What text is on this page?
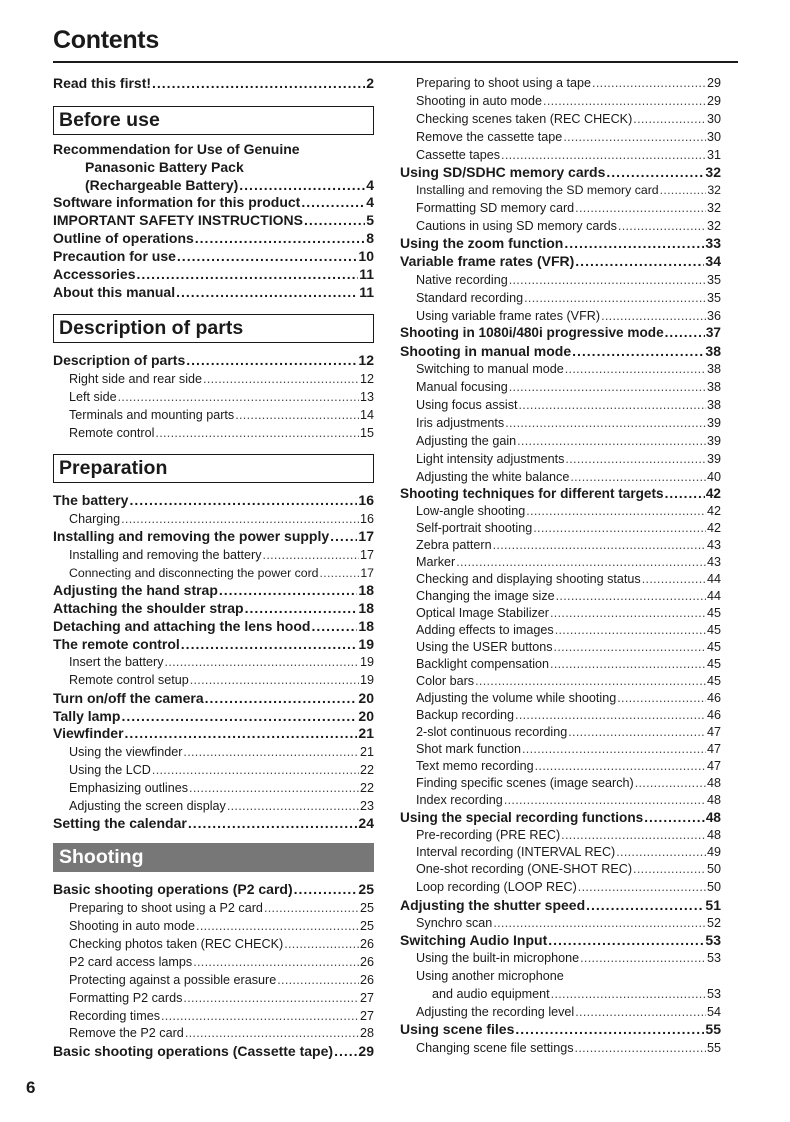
Contents
Read this first! .....	2
Before use
Recommendation for Use of Genuine
Panasonic Battery Pack
(Rechargeable Battery) .....	4
Software information for this product .....	4
IMPORTANT SAFETY INSTRUCTIONS .....	5
Outline of operations .....	8
Precaution for use .....	10
Accessories .....	11
About this manual .....	11
Description of parts
Description of parts .....	12
Right side and rear side .....	12
Left side .....	13
Terminals and mounting parts .....	14
Remote control .....	15
Preparation
The battery .....	16
Charging .....	16
Installing and removing the power supply ..... 17
Installing and removing the battery .....	17
Connecting and disconnecting the power cord .....	17
Adjusting the hand strap .....	18
Attaching the shoulder strap .....	18
Detaching and attaching the lens hood .....	18
The remote control .....	19
Insert the battery .....	19
Remote control setup .....	19
Turn on/off the camera .....	20
Tally lamp .....	20
Viewfinder .....	21
Using the viewfinder .....	21
Using the LCD .....	22
Emphasizing outlines .....	22
Adjusting the screen display .....	23
Setting the calendar .....	24
Shooting
Basic shooting operations (P2 card) .....	25
Preparing to shoot using a P2 card .....	25
Shooting in auto mode .....	25
Checking photos taken (REC CHECK) .....	26
P2 card access lamps .....	26
Protecting against a possible erasure .....	26
Formatting P2 cards .....	27
Recording times .....	27
Remove the P2 card .....	28
Basic shooting operations (Cassette tape) ..... 29
Preparing to shoot using a tape .....	29
Shooting in auto mode .....	29
Checking scenes taken (REC CHECK) .....	30
Remove the cassette tape .....	30
Cassette tapes .....	31
Using SD/SDHC memory cards .....	32
Installing and removing the SD memory card .....	32
Formatting SD memory card .....	32
Cautions in using SD memory cards .....	32
Using the zoom function .....	33
Variable frame rates (VFR) .....	34
Native recording .....	35
Standard recording .....	35
Using variable frame rates (VFR) .....	36
Shooting in 1080i/480i progressive mode .....	37
Shooting in manual mode .....	38
Switching to manual mode .....	38
Manual focusing .....	38
Using focus assist .....	38
Iris adjustments .....	39
Adjusting the gain .....	39
Light intensity adjustments .....	39
Adjusting the white balance .....	40
Shooting techniques for different targets .....	42
Low-angle shooting .....	42
Self-portrait shooting .....	42
Zebra pattern .....	43
Marker .....	43
Checking and displaying shooting status .....	44
Changing the image size .....	44
Optical Image Stabilizer .....	45
Adding effects to images .....	45
Using the USER buttons .....	45
Backlight compensation .....	45
Color bars .....	45
Adjusting the volume while shooting .....	46
Backup recording .....	46
2-slot continuous recording .....	47
Shot mark function .....	47
Text memo recording .....	47
Finding specific scenes (image search) .....	48
Index recording .....	48
Using the special recording functions .....	48
Pre-recording (PRE REC) .....	48
Interval recording (INTERVAL REC) .....	49
One-shot recording (ONE-SHOT REC) .....	50
Loop recording (LOOP REC) .....	50
Adjusting the shutter speed .....	51
Synchro scan .....	52
Switching Audio Input .....	53
Using the built-in microphone .....	53
Using another microphone
and audio equipment .....	53
Adjusting the recording level .....	54
Using scene files .....	55
Changing scene file settings .....	55
6
